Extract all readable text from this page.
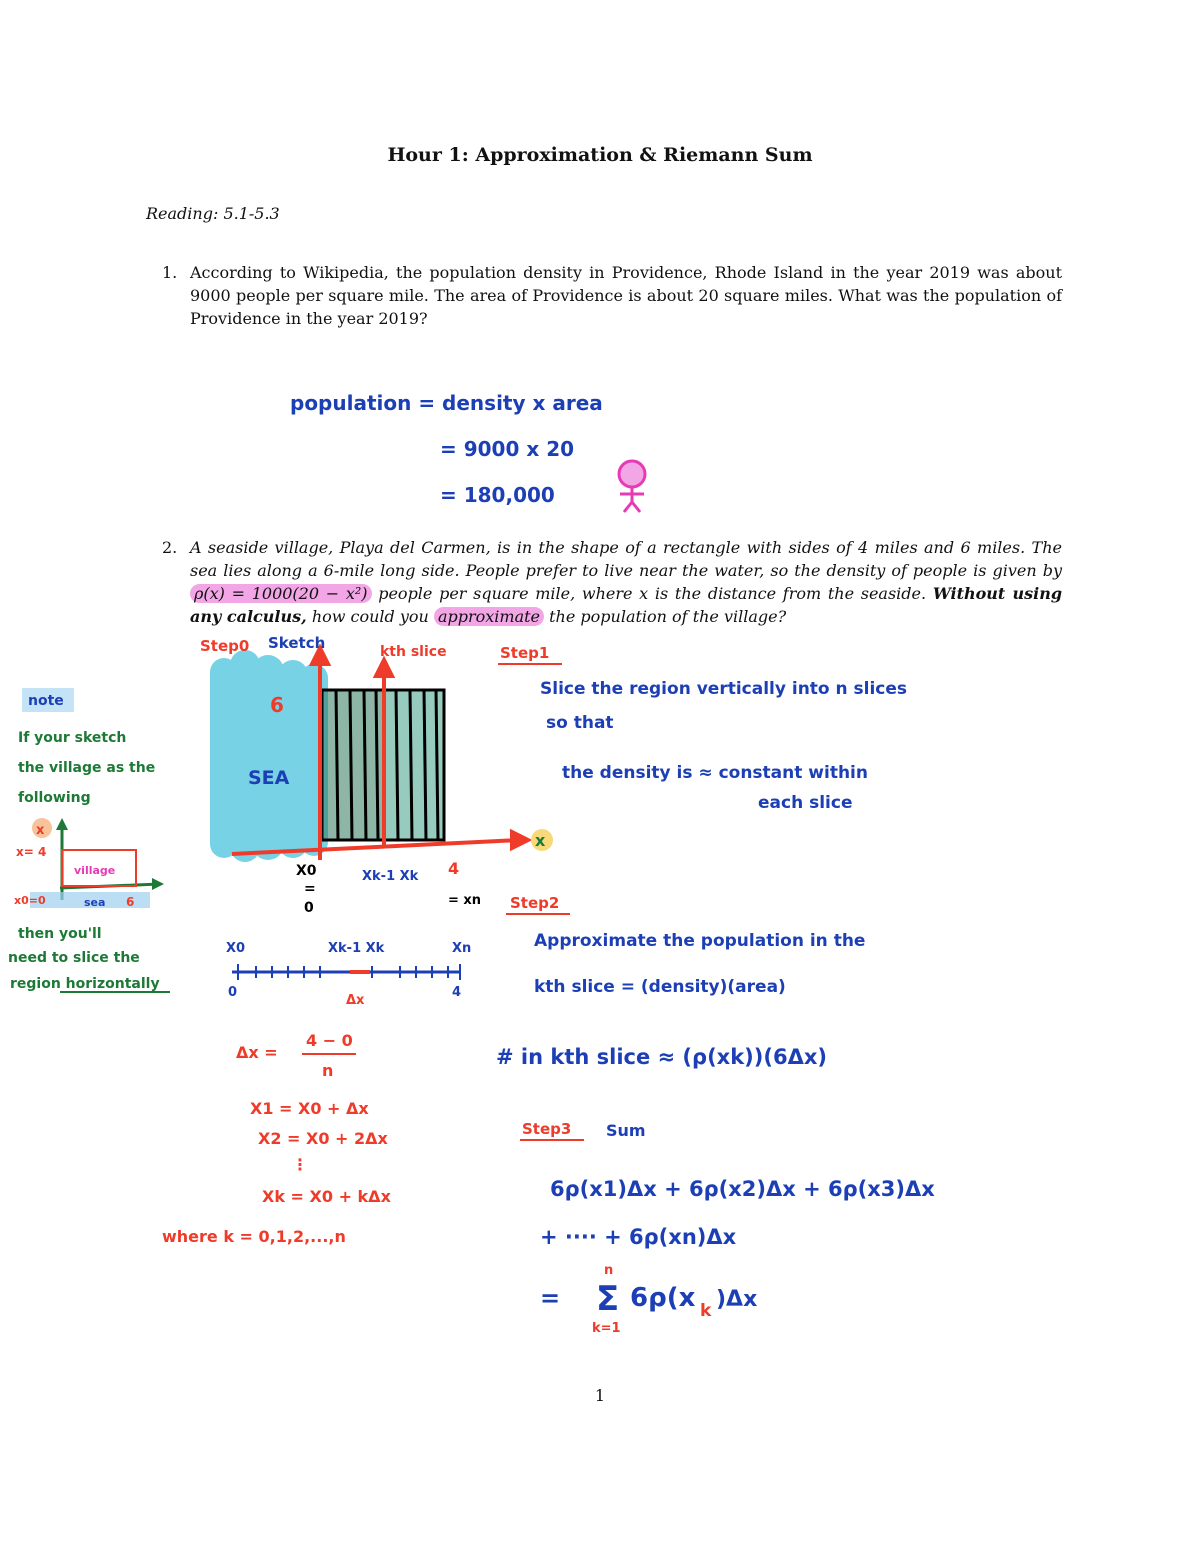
Hour 1: Approximation & Riemann Sum
Reading: 5.1-5.3
1. According to Wikipedia, the population density in Providence, Rhode Island in the year 2019 was about 9000 people per square mile. The area of Providence is about 20 square miles. What was the population of Providence in the year 2019?
2. A seaside village, Playa del Carmen, is in the shape of a rectangle with sides of 4 miles and 6 miles. The sea lies along a 6-mile long side. People prefer to live near the water, so the density of people is given by ρ(x) = 1000(20 − x²) people per square mile, where x is the distance from the seaside. Without using any calculus, how could you approximate the population of the village?
population = density x area
= 9000 x 20
= 180,000
SEA
6
x
Step0 Sketch	kth slice
X0
=
0
Xk-1 Xk 4
= xn
note
If your sketch
the village as the
following
x
x= 4
village
x0=0	sea 6
then you'll
need to slice the
region horizontally
Step1
Slice the region vertically into n slices
so that
the density is ≈ constant within
each slice
X0	Xk-1 Xk	Xn
0	4
Δx
Δx =
4 − 0
n
X1 = X0 + Δx
X2 = X0 + 2Δx
⋮
Xk = X0 + kΔx
where k = 0,1,2,...,n
Step2
Approximate the population in the
kth slice = (density)(area)
# in kth slice ≈ (ρ(xk))(6Δx)
Step3 Sum
6ρ(x1)Δx + 6ρ(x2)Δx + 6ρ(x3)Δx
+ ···· + 6ρ(xn)Δx
= Σ
n
k=1
6ρ(x k )Δx
1
